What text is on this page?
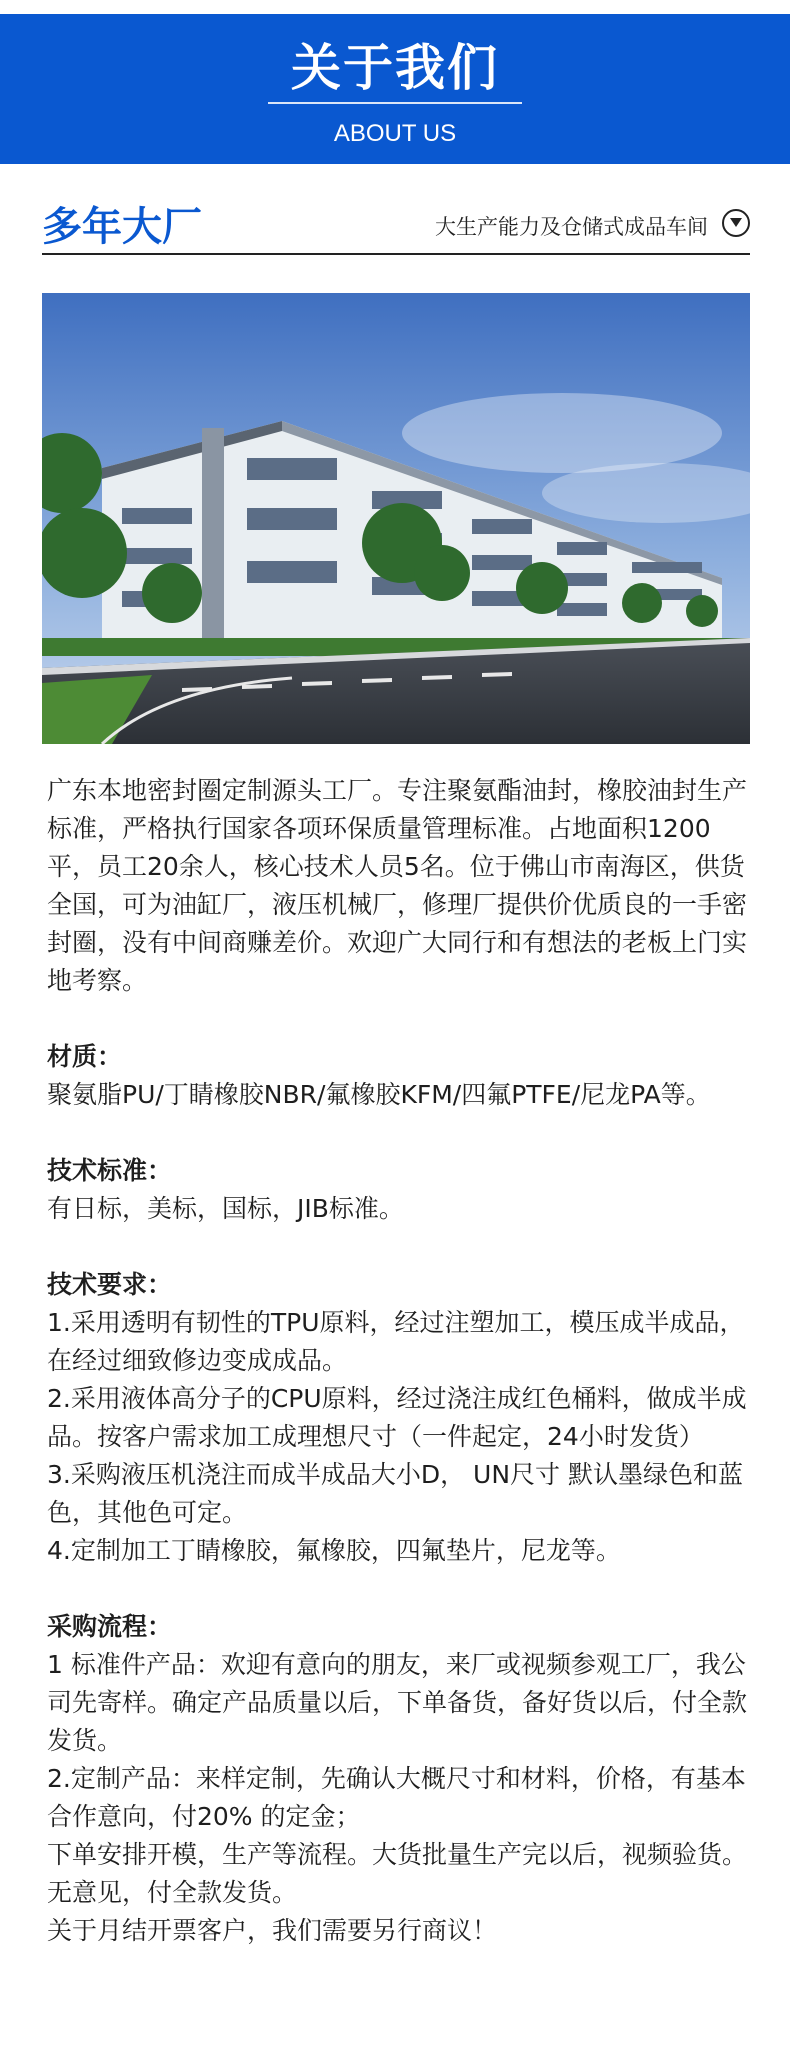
关于我们
ABOUT US
多年大厂	大生产能力及仓储式成品车间

广东本地密封圈定制源头工厂。专注聚氨酯油封，橡胶油封生产标准，严格执行国家各项环保质量管理标准。占地面积1200平，员工20余人，核心技术人员5名。位于佛山市南海区，供货全国，可为油缸厂，液压机械厂，修理厂提供价优质良的一手密封圈，没有中间商赚差价。欢迎广大同行和有想法的老板上门实地考察。

材质：
聚氨脂PU/丁睛橡胶NBR/氟橡胶KFM/四氟PTFE/尼龙PA等。
技术标准：
有日标，美标，国标，JIB标准。
技术要求：
1.采用透明有韧性的TPU原料，经过注塑加工，模压成半成品，在经过细致修边变成成品。
2.采用液体高分子的CPU原料，经过浇注成红色桶料，做成半成品。按客户需求加工成理想尺寸（一件起定，24小时发货）
3.采购液压机浇注而成半成品大小D， UN尺寸 默认墨绿色和蓝色，其他色可定。
4.定制加工丁睛橡胶，氟橡胶，四氟垫片，尼龙等。
采购流程：
1 标准件产品：欢迎有意向的朋友，来厂或视频参观工厂，我公司先寄样。确定产品质量以后，下单备货，备好货以后，付全款发货。
2.定制产品：来样定制，先确认大概尺寸和材料，价格，有基本合作意向，付20% 的定金；
下单安排开模，生产等流程。大货批量生产完以后，视频验货。无意见，付全款发货。
关于月结开票客户，我们需要另行商议！
